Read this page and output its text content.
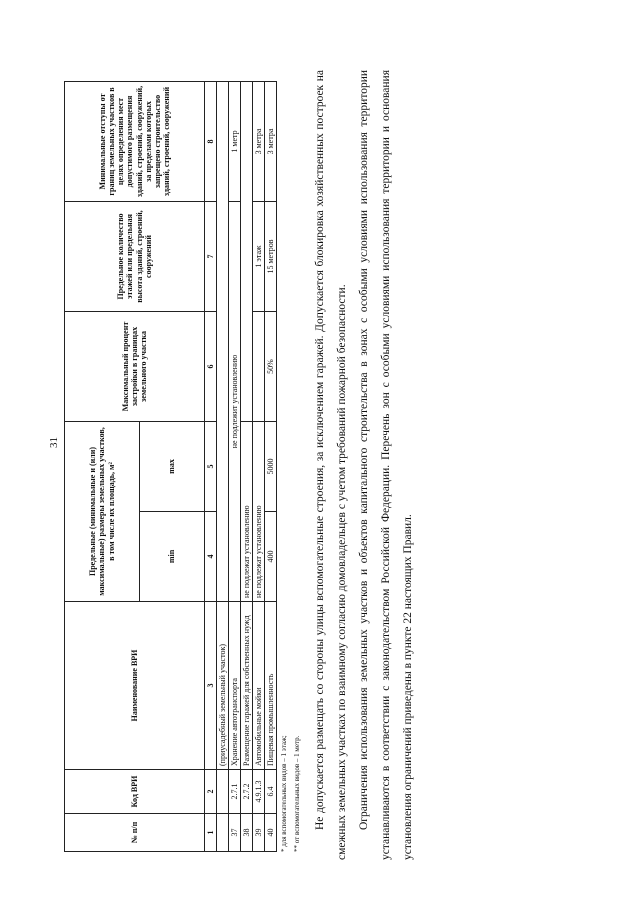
31
№ п/п	Код ВРИ	Наименование ВРИ	Предельные (минимальные и (или) максимальные) размеры земельных участков, в том числе их площадь, м²		Максимальный процент застройки в границах земельного участка	Предельное количество этажей или предельная высота зданий, строений, сооружений	Минимальные отступы от границ земельных участков в целях определения мест допустимого размещения зданий, строений, сооружений, за пределами которых запрещено строительство зданий, строений, сооружений
			min	max			
1	2	3	4	5	6	7	8
		(приусадебный земельный участок)					
37	2.7.1	Хранение автотранспорта	не подлежит установлению				1 метр
38	2.7.2	Размещение гаражей для собственных нужд	не подлежат установлению				
39	4.9.1.3	Автомобильные мойки	не подлежат установлению			1 этаж	3 метра
40	6.4	Пищевая промышленность	400	5000	50%	15 метров	3 метра
* для вспомогательных видов – 1 этаж; ** от вспомогательных видов – 1 метр.	Не допускается размещать со стороны улицы вспомогательные строения, за исключением гаражей. Допускается блокировка хозяйственных построек на смежных земельных участках по взаимному согласию домовладельцев с учетом требований пожарной безопасности. Ограничения использования земельных участков и объектов капитального строительства в зонах с особыми условиями использования территории устанавливаются в соответствии с законодательством Российской Федерации. Перечень зон с особыми условиями использования территории и основания установления ограничений приведены в пункте 22 настоящих Правил.
